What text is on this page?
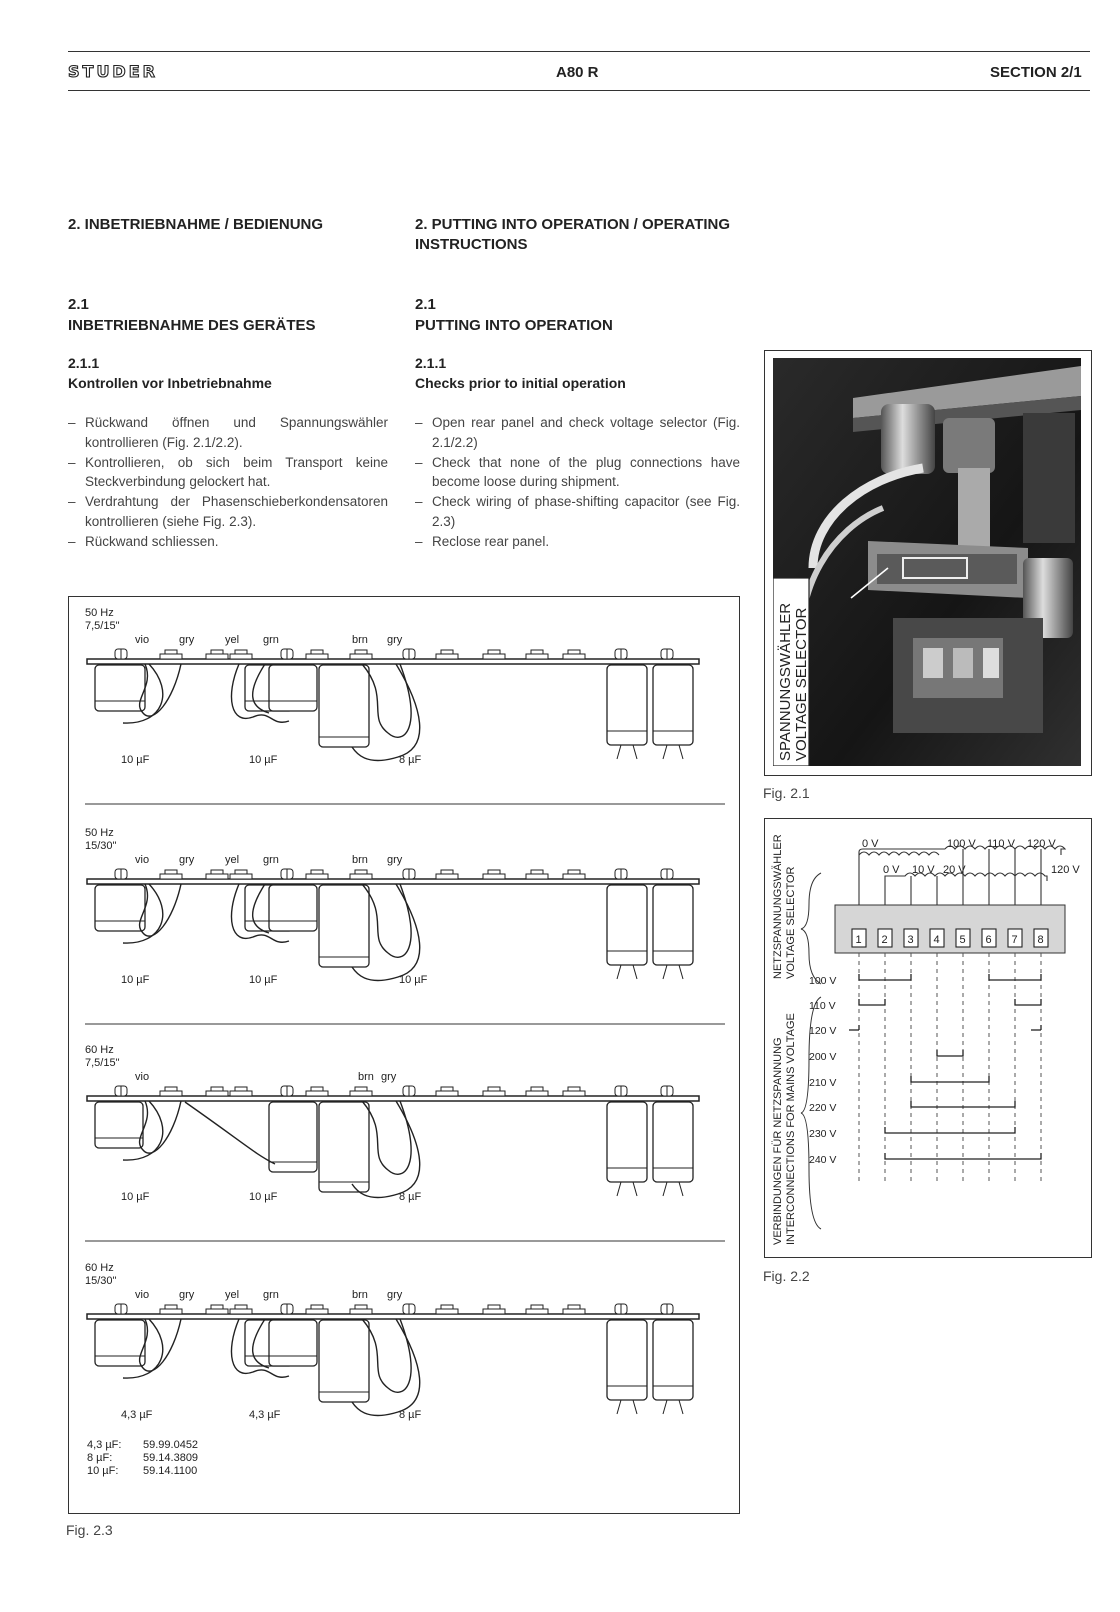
STUDER	A80 R	SECTION 2/1
2. INBETRIEBNAHME / BEDIENUNG
2.1
INBETRIEBNAHME DES GERÄTES
2.1.1
Kontrollen vor Inbetriebnahme
– Rückwand öffnen und Spannungswähler kontrollieren (Fig. 2.1/2.2).
– Kontrollieren, ob sich beim Transport keine Steckverbindung gelockert hat.
– Verdrahtung der Phasenschieberkondensatoren kontrollieren (siehe Fig. 2.3).
– Rückwand schliessen.
2. PUTTING INTO OPERATION / OPERATING INSTRUCTIONS
2.1
PUTTING INTO OPERATION
2.1.1
Checks prior to initial operation
– Open rear panel and check voltage selector (Fig. 2.1/2.2)
– Check that none of the plug connections have become loose during shipment.
– Check wiring of phase-shifting capacitor (see Fig. 2.3)
– Reclose rear panel.
SPANNUNGSWÄHLER VOLTAGE SELECTOR
Fig. 2.1
NETZSPANNUNGSWÄHLER VOLTAGE SELECTOR
VERBINDUNGEN FÜR NETZSPANNUNG INTERCONNECTIONS FOR MAINS VOLTAGE
0 V	100 V 110 V 120 V
0 V 10 V 20 V	120 V
1 2 3 4 5 6 7 8
100 V
110 V
120 V
200 V
210 V
220 V
230 V
240 V
Fig. 2.2
50 Hz
7,5/15"
vio	gry	yel grn	brn gry
10 µF	10 µF	8 µF
50 Hz
15/30"
vio	gry	yel grn	brn gry
10 µF	10 µF	10 µF
60 Hz
7,5/15"
vio	brn gry
10 µF	10 µF	8 µF
60 Hz
15/30"
vio	gry	yel grn	brn gry
4,3 µF	4,3 µF	8 µF
4,3 µF: 59.99.0452
8 µF:	59.14.3809
10 µF: 59.14.1100
Fig. 2.3
